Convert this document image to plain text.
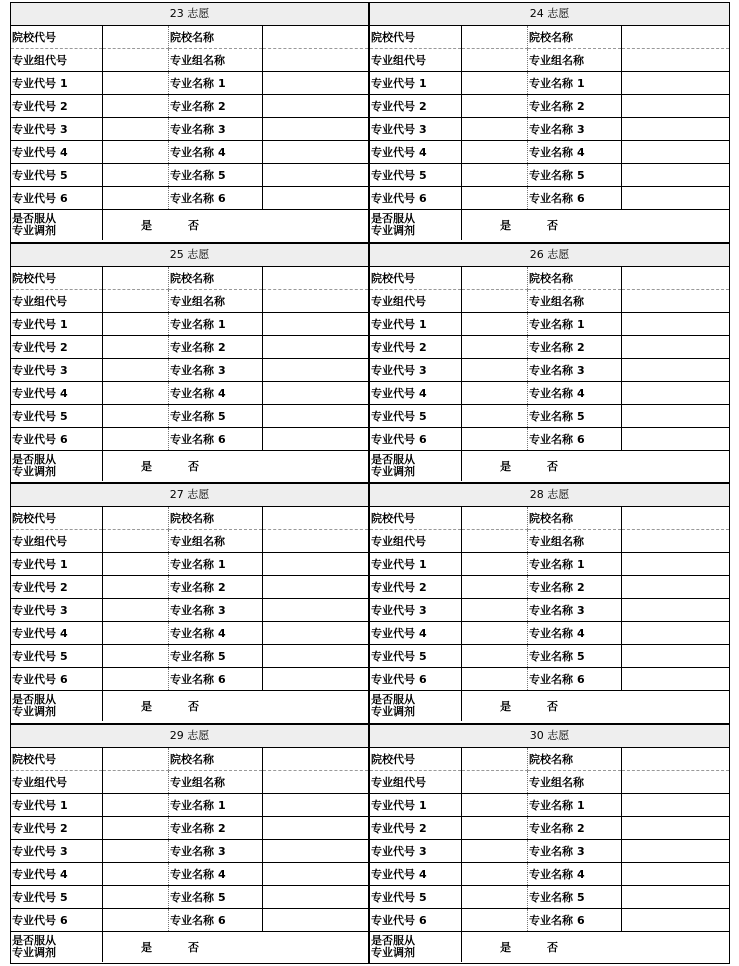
23 志愿
院校代号		院校名称	
专业组代号		专业组名称	
专业代号 1		专业名称 1	
专业代号 2		专业名称 2	
专业代号 3		专业名称 3	
专业代号 4		专业名称 4	
专业代号 5		专业名称 5	
专业代号 6		专业名称 6	

是否服从
专业调剂	是 否		
24 志愿
院校代号		院校名称	
专业组代号		专业组名称	
专业代号 1		专业名称 1	
专业代号 2		专业名称 2	
专业代号 3		专业名称 3	
专业代号 4		专业名称 4	
专业代号 5		专业名称 5	
专业代号 6		专业名称 6	

是否服从
专业调剂	是 否		
25 志愿
院校代号		院校名称	
专业组代号		专业组名称	
专业代号 1		专业名称 1	
专业代号 2		专业名称 2	
专业代号 3		专业名称 3	
专业代号 4		专业名称 4	
专业代号 5		专业名称 5	
专业代号 6		专业名称 6	

是否服从
专业调剂	是 否		
26 志愿
院校代号		院校名称	
专业组代号		专业组名称	
专业代号 1		专业名称 1	
专业代号 2		专业名称 2	
专业代号 3		专业名称 3	
专业代号 4		专业名称 4	
专业代号 5		专业名称 5	
专业代号 6		专业名称 6	

是否服从
专业调剂	是 否		
27 志愿
院校代号		院校名称	
专业组代号		专业组名称	
专业代号 1		专业名称 1	
专业代号 2		专业名称 2	
专业代号 3		专业名称 3	
专业代号 4		专业名称 4	
专业代号 5		专业名称 5	
专业代号 6		专业名称 6	

是否服从
专业调剂	是 否		
28 志愿
院校代号		院校名称	
专业组代号		专业组名称	
专业代号 1		专业名称 1	
专业代号 2		专业名称 2	
专业代号 3		专业名称 3	
专业代号 4		专业名称 4	
专业代号 5		专业名称 5	
专业代号 6		专业名称 6	

是否服从
专业调剂	是 否		
29 志愿
院校代号		院校名称	
专业组代号		专业组名称	
专业代号 1		专业名称 1	
专业代号 2		专业名称 2	
专业代号 3		专业名称 3	
专业代号 4		专业名称 4	
专业代号 5		专业名称 5	
专业代号 6		专业名称 6	

是否服从
专业调剂	是 否		
30 志愿
院校代号		院校名称	
专业组代号		专业组名称	
专业代号 1		专业名称 1	
专业代号 2		专业名称 2	
专业代号 3		专业名称 3	
专业代号 4		专业名称 4	
专业代号 5		专业名称 5	
专业代号 6		专业名称 6	

是否服从
专业调剂	是 否		
